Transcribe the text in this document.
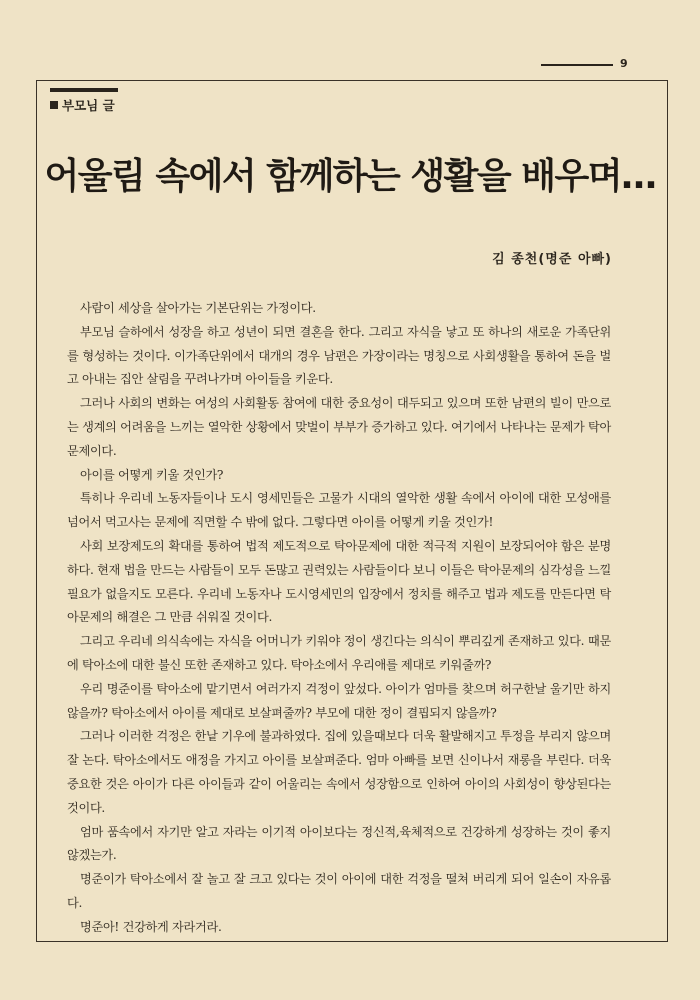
9
부모님 글
어울림 속에서 함께하는 생활을 배우며…
김 종천(명준 아빠)

사람이 세상을 살아가는 기본단위는 가정이다.

부모님 슬하에서 성장을 하고 성년이 되면 결혼을 한다. 그리고 자식을 낳고 또 하나의 새로운 가족단위를 형성하는 것이다. 이가족단위에서 대개의 경우 남편은 가장이라는 명칭으로 사회생활을 통하여 돈을 벌고 아내는 집안 살림을 꾸려나가며 아이들을 키운다.

그러나 사회의 변화는 여성의 사회활동 참여에 대한 중요성이 대두되고 있으며 또한 남편의 빌이 만으로는 생계의 어려움을 느끼는 열악한 상황에서 맞벌이 부부가 증가하고 있다. 여기에서 나타나는 문제가 탁아문제이다.

아이를 어떻게 키울 것인가?

특히나 우리네 노동자들이나 도시 영세민들은 고물가 시대의 열악한 생활 속에서 아이에 대한 모성애를 넘어서 먹고사는 문제에 직면할 수 밖에 없다. 그렇다면 아이를 어떻게 키울 것인가!

사회 보장제도의 확대를 통하여 법적 제도적으로 탁아문제에 대한 적극적 지원이 보장되어야 함은 분명하다. 현재 법을 만드는 사람들이 모두 돈많고 권력있는 사람들이다 보니 이들은 탁아문제의 심각성을 느낄 필요가 없을지도 모른다. 우리네 노동자나 도시영세민의 입장에서 정치를 해주고 법과 제도를 만든다면 탁아문제의 해결은 그 만큼 쉬워질 것이다.

그리고 우리네 의식속에는 자식을 어머니가 키워야 정이 생긴다는 의식이 뿌리깊게 존재하고 있다. 때문에 탁아소에 대한 불신 또한 존재하고 있다. 탁아소에서 우리애를 제대로 키워줄까?

우리 명준이를 탁아소에 맡기면서 여러가지 걱정이 앞섰다. 아이가 엄마를 찾으며 허구한날 울기만 하지 않을까? 탁아소에서 아이를 제대로 보살펴줄까? 부모에 대한 정이 결핍되지 않을까?

그러나 이러한 걱정은 한낱 기우에 불과하였다. 집에 있을때보다 더욱 활발해지고 투정을 부리지 않으며 잘 논다. 탁아소에서도 애정을 가지고 아이를 보살펴준다. 엄마 아빠를 보면 신이나서 재롱을 부린다. 더욱 중요한 것은 아이가 다른 아이들과 같이 어울리는 속에서 성장함으로 인하여 아이의 사회성이 향상된다는 것이다.

엄마 품속에서 자기만 알고 자라는 이기적 아이보다는 정신적,육체적으로 건강하게 성장하는 것이 좋지 않겠는가.

명준이가 탁아소에서 잘 놀고 잘 크고 있다는 것이 아이에 대한 걱정을 떨쳐 버리게 되어 일손이 자유롭다.

명준아! 건강하게 자라거라.
